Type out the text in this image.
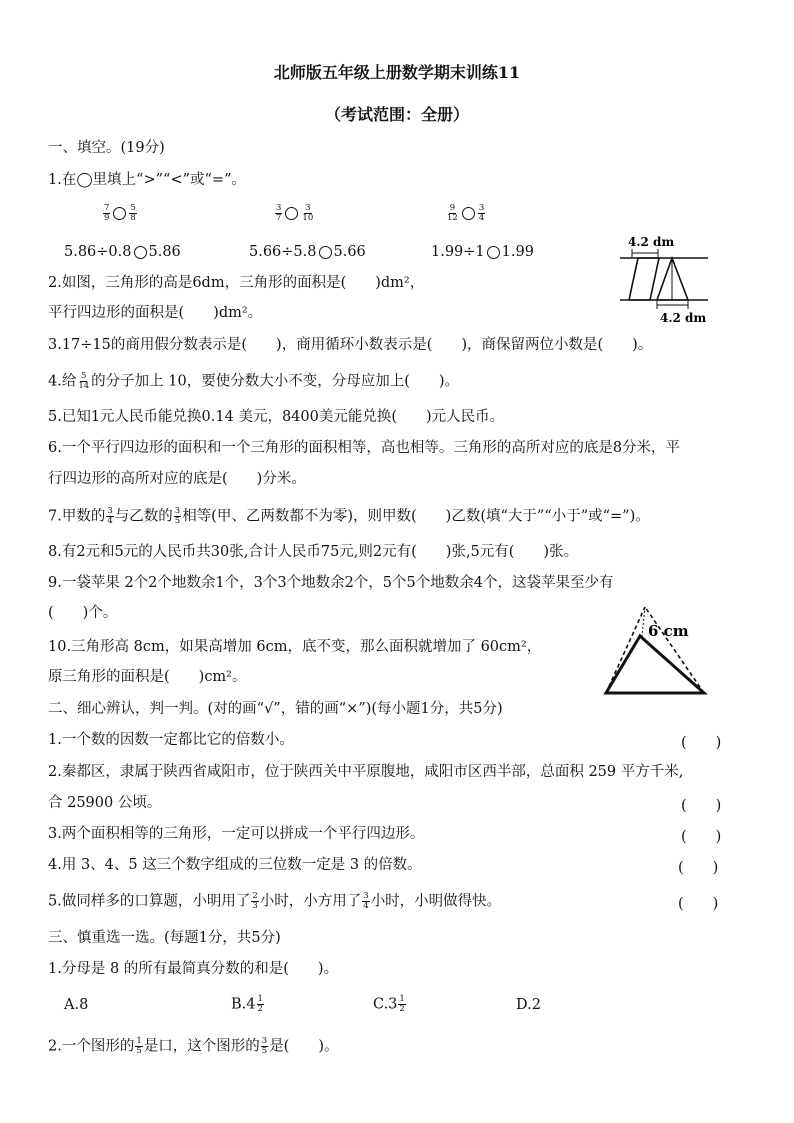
北师版五年级上册数学期末训练11
（考试范围：全册）
一、填空。(19分)
1.在◯里填上“>”“<”或“=”。
$\frac{7}{9} \frac{5}{8}$	$\frac{3}{7} \frac{3}{10}$	$\frac{9}{12} \frac{3}{4}$
5.86÷0.8 5.86	5.66÷5.8 5.66	1.99÷1 1.99
4.2 dm
4.2 dm
2.如图，三角形的高是6dm，三角形的面积是(　　)dm²，
平行四边形的面积是(　　)dm²。
3.17÷15的商用假分数表示是(　　)，商用循环小数表示是(　　)，商保留两位小数是(　　)。
4.给 $\frac{5}{14}$ 的分子加上 10，要使分数大小不变，分母应加上(　　)。
5.已知1元人民币能兑换0.14 美元，8400美元能兑换(　　)元人民币。
6.一个平行四边形的面积和一个三角形的面积相等，高也相等。三角形的高所对应的底是8分米，平
行四边形的高所对应的底是(　　)分米。
7.甲数的 $\frac{3}{4}$ 与乙数的 $\frac{3}{5}$ 相等(甲、乙两数都不为零)，则甲数(　　)乙数(填“大于”“小于”或“=”)。
8.有2元和5元的人民币共30张,合计人民币75元,则2元有(　　)张,5元有(　　)张。
9.一袋苹果 2个2个地数余1个，3个3个地数余2个，5个5个地数余4个，这袋苹果至少有
(　　)个。
6 cm
10.三角形高 8cm，如果高增加 6cm，底不变，那么面积就增加了 60cm²，
原三角形的面积是(　　)cm²。
二、细心辨认，判一判。(对的画“√”，错的画“×”)(每小题1分，共5分)
1.一个数的因数一定都比它的倍数小。	(　　)
2.秦都区，隶属于陕西省咸阳市，位于陕西关中平原腹地，咸阳市区西半部，总面积 259 平方千米,
合 25900 公顷。	(　　)
3.两个面积相等的三角形，一定可以拼成一个平行四边形。	(　　)
4.用 3、4、5 这三个数字组成的三位数一定是 3 的倍数。	(　　)
5.做同样多的口算题，小明用了 $\frac{2}{3}$ 小时，小方用了 $\frac{3}{4}$ 小时，小明做得快。	(　　)
三、慎重选一选。(每题1分，共5分)
1.分母是 8 的所有最简真分数的和是(　　)。
A.8	$B.4 \frac{1}{2}$	$C.3 \frac{1}{2}$	D.2
2.一个图形的 $\frac{1}{5}$ 是口，这个图形的 $\frac{3}{5}$ 是(　　)。
